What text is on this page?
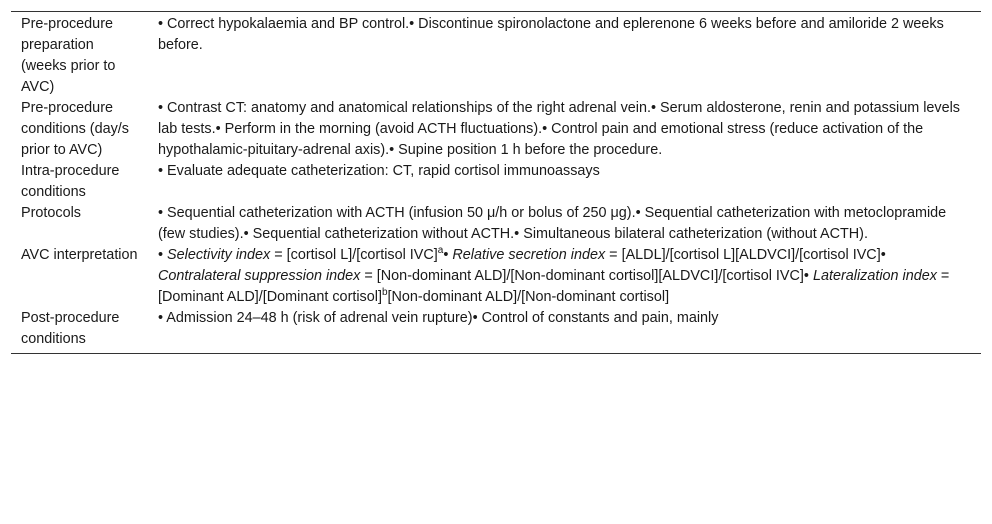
Pre-procedure preparation (weeks prior to AVC)	• Correct hypokalaemia and BP control.• Discontinue spironolactone and eplerenone 6 weeks before and amiloride 2 weeks before.
Pre-procedure conditions (day/s prior to AVC)	• Contrast CT: anatomy and anatomical relationships of the right adrenal vein.• Serum aldosterone, renin and potassium levels lab tests.• Perform in the morning (avoid ACTH fluctuations).• Control pain and emotional stress (reduce activation of the hypothalamic-pituitary-adrenal axis).• Supine position 1 h before the procedure.
Intra-procedure conditions	• Evaluate adequate catheterization: CT, rapid cortisol immunoassays
Protocols	• Sequential catheterization with ACTH (infusion 50 μ/h or bolus of 250 μg).• Sequential catheterization with metoclopramide (few studies).• Sequential catheterization without ACTH.• Simultaneous bilateral catheterization (without ACTH).
AVC interpretation	• Selectivity index = [cortisol L]/[cortisol IVC]$^a$• Relative secretion index = [ALDL]/[cortisol L][ALDVCI]/[cortisol IVC]• Contralateral suppression index = [Non-dominant ALD]/[Non-dominant cortisol][ALDVCI]/[cortisol IVC]• Lateralization index = [Dominant ALD]/[Dominant cortisol]$^b$[Non-dominant ALD]/[Non-dominant cortisol]
Post-procedure conditions	• Admission 24–48 h (risk of adrenal vein rupture)• Control of constants and pain, mainly
